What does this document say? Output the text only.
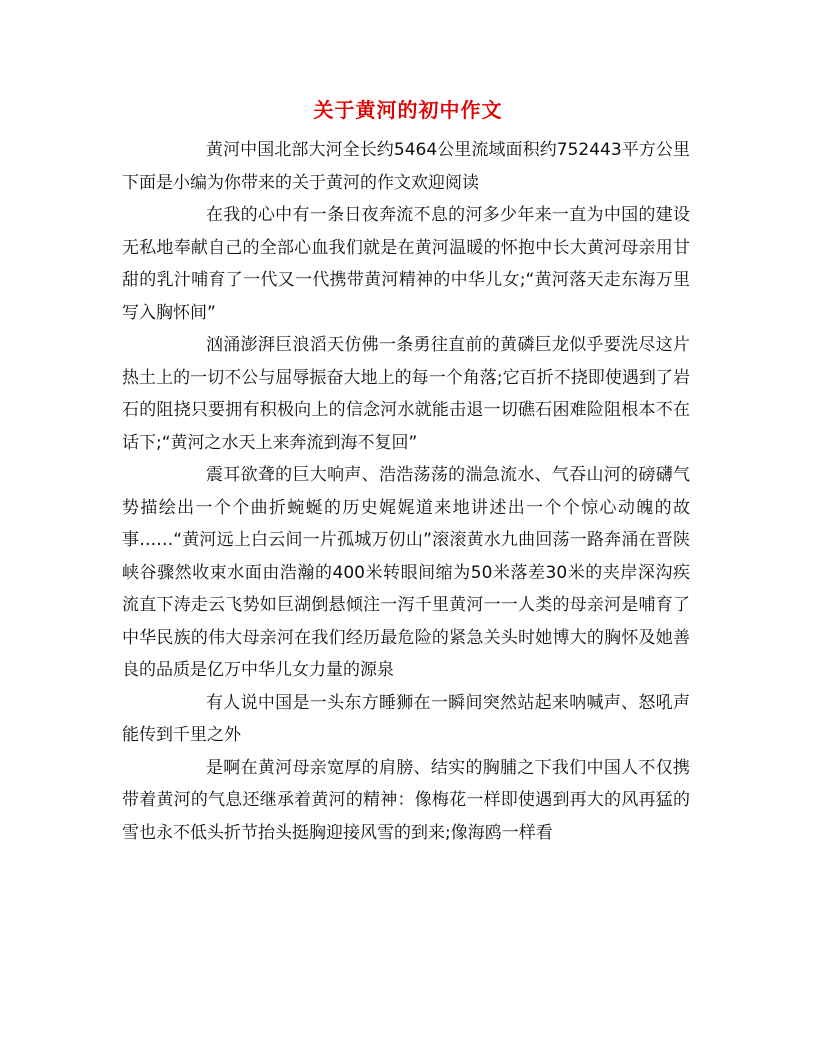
关于黄河的初中作文

黄河中国北部大河全长约5464公里流域面积约752443平方公里下面是小编为你带来的关于黄河的作文欢迎阅读

在我的心中有一条日夜奔流不息的河多少年来一直为中国的建设无私地奉献自己的全部心血我们就是在黄河温暖的怀抱中长大黄河母亲用甘甜的乳汁哺育了一代又一代携带黄河精神的中华儿女;“黄河落天走东海万里写入胸怀间”

汹涌澎湃巨浪滔天仿佛一条勇往直前的黄磷巨龙似乎要洗尽这片热土上的一切不公与屈辱振奋大地上的每一个角落;它百折不挠即使遇到了岩石的阻挠只要拥有积极向上的信念河水就能击退一切礁石困难险阻根本不在话下;“黄河之水天上来奔流到海不复回”

震耳欲聋的巨大响声、浩浩荡荡的湍急流水、气吞山河的磅礴气势描绘出一个个曲折蜿蜒的历史娓娓道来地讲述出一个个惊心动魄的故事……“黄河远上白云间一片孤城万仞山”滚滚黄水九曲回荡一路奔涌在晋陕峡谷骤然收束水面由浩瀚的400米转眼间缩为50米落差30米的夹岸深沟疾流直下涛走云飞势如巨湖倒悬倾注一泻千里黄河一一人类的母亲河是哺育了中华民族的伟大母亲河在我们经历最危险的紧急关头时她博大的胸怀及她善良的品质是亿万中华儿女力量的源泉

有人说中国是一头东方睡狮在一瞬间突然站起来呐喊声、怒吼声能传到千里之外

是啊在黄河母亲宽厚的肩膀、结实的胸脯之下我们中国人不仅携带着黄河的气息还继承着黄河的精神：像梅花一样即使遇到再大的风再猛的雪也永不低头折节抬头挺胸迎接风雪的到来;像海鸥一样看
